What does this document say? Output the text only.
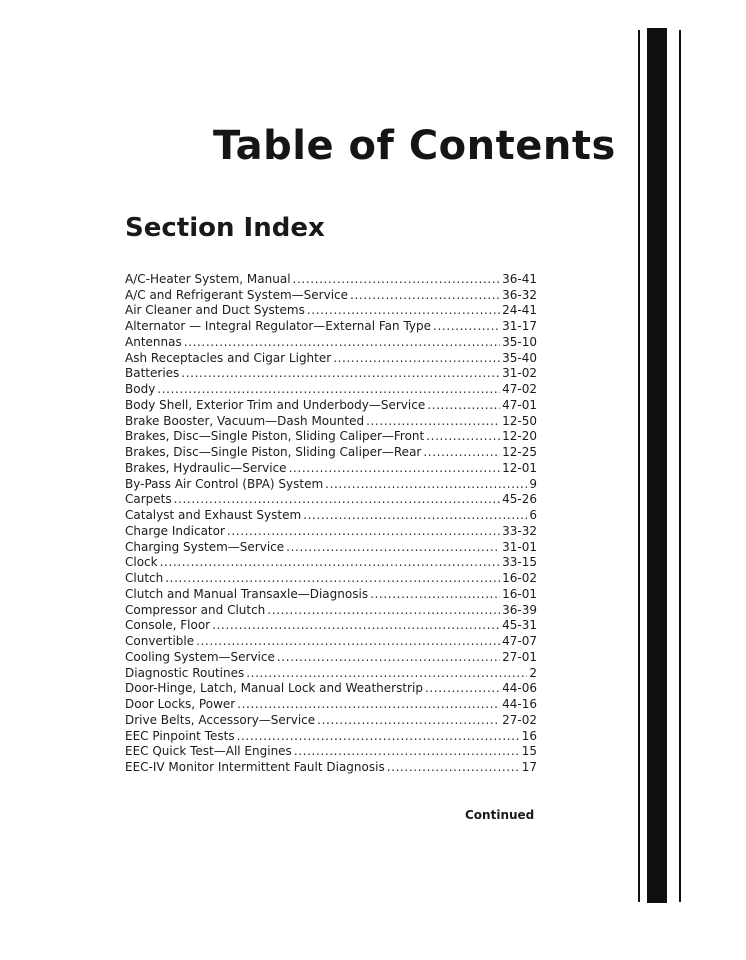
Table of Contents
Section Index
A/C-Heater System, Manual . . .	36-41
A/C and Refrigerant System—Service . . .	36-32
Air Cleaner and Duct Systems . . .	24-41
Alternator — Integral Regulator—External Fan Type . . .	31-17
Antennas . . .	35-10
Ash Receptacles and Cigar Lighter . . .	35-40
Batteries . . .	31-02
Body . . .	47-02
Body Shell, Exterior Trim and Underbody—Service . . .	47-01
Brake Booster, Vacuum—Dash Mounted . . .	12-50
Brakes, Disc—Single Piston, Sliding Caliper—Front . . .	12-20
Brakes, Disc—Single Piston, Sliding Caliper—Rear . . .	12-25
Brakes, Hydraulic—Service . . .	12-01
By-Pass Air Control (BPA) System . . .	9
Carpets . . .	45-26
Catalyst and Exhaust System . . .	6
Charge Indicator . . .	33-32
Charging System—Service . . .	31-01
Clock . . .	33-15
Clutch . . .	16-02
Clutch and Manual Transaxle—Diagnosis . . .	16-01
Compressor and Clutch . . .	36-39
Console, Floor . . .	45-31
Convertible . . .	47-07
Cooling System—Service . . .	27-01
Diagnostic Routines . . .	2
Door-Hinge, Latch, Manual Lock and Weatherstrip . . .	44-06
Door Locks, Power . . .	44-16
Drive Belts, Accessory—Service . . .	27-02
EEC Pinpoint Tests . . .	16
EEC Quick Test—All Engines . . .	15
EEC-IV Monitor Intermittent Fault Diagnosis . . .	17
Continued
